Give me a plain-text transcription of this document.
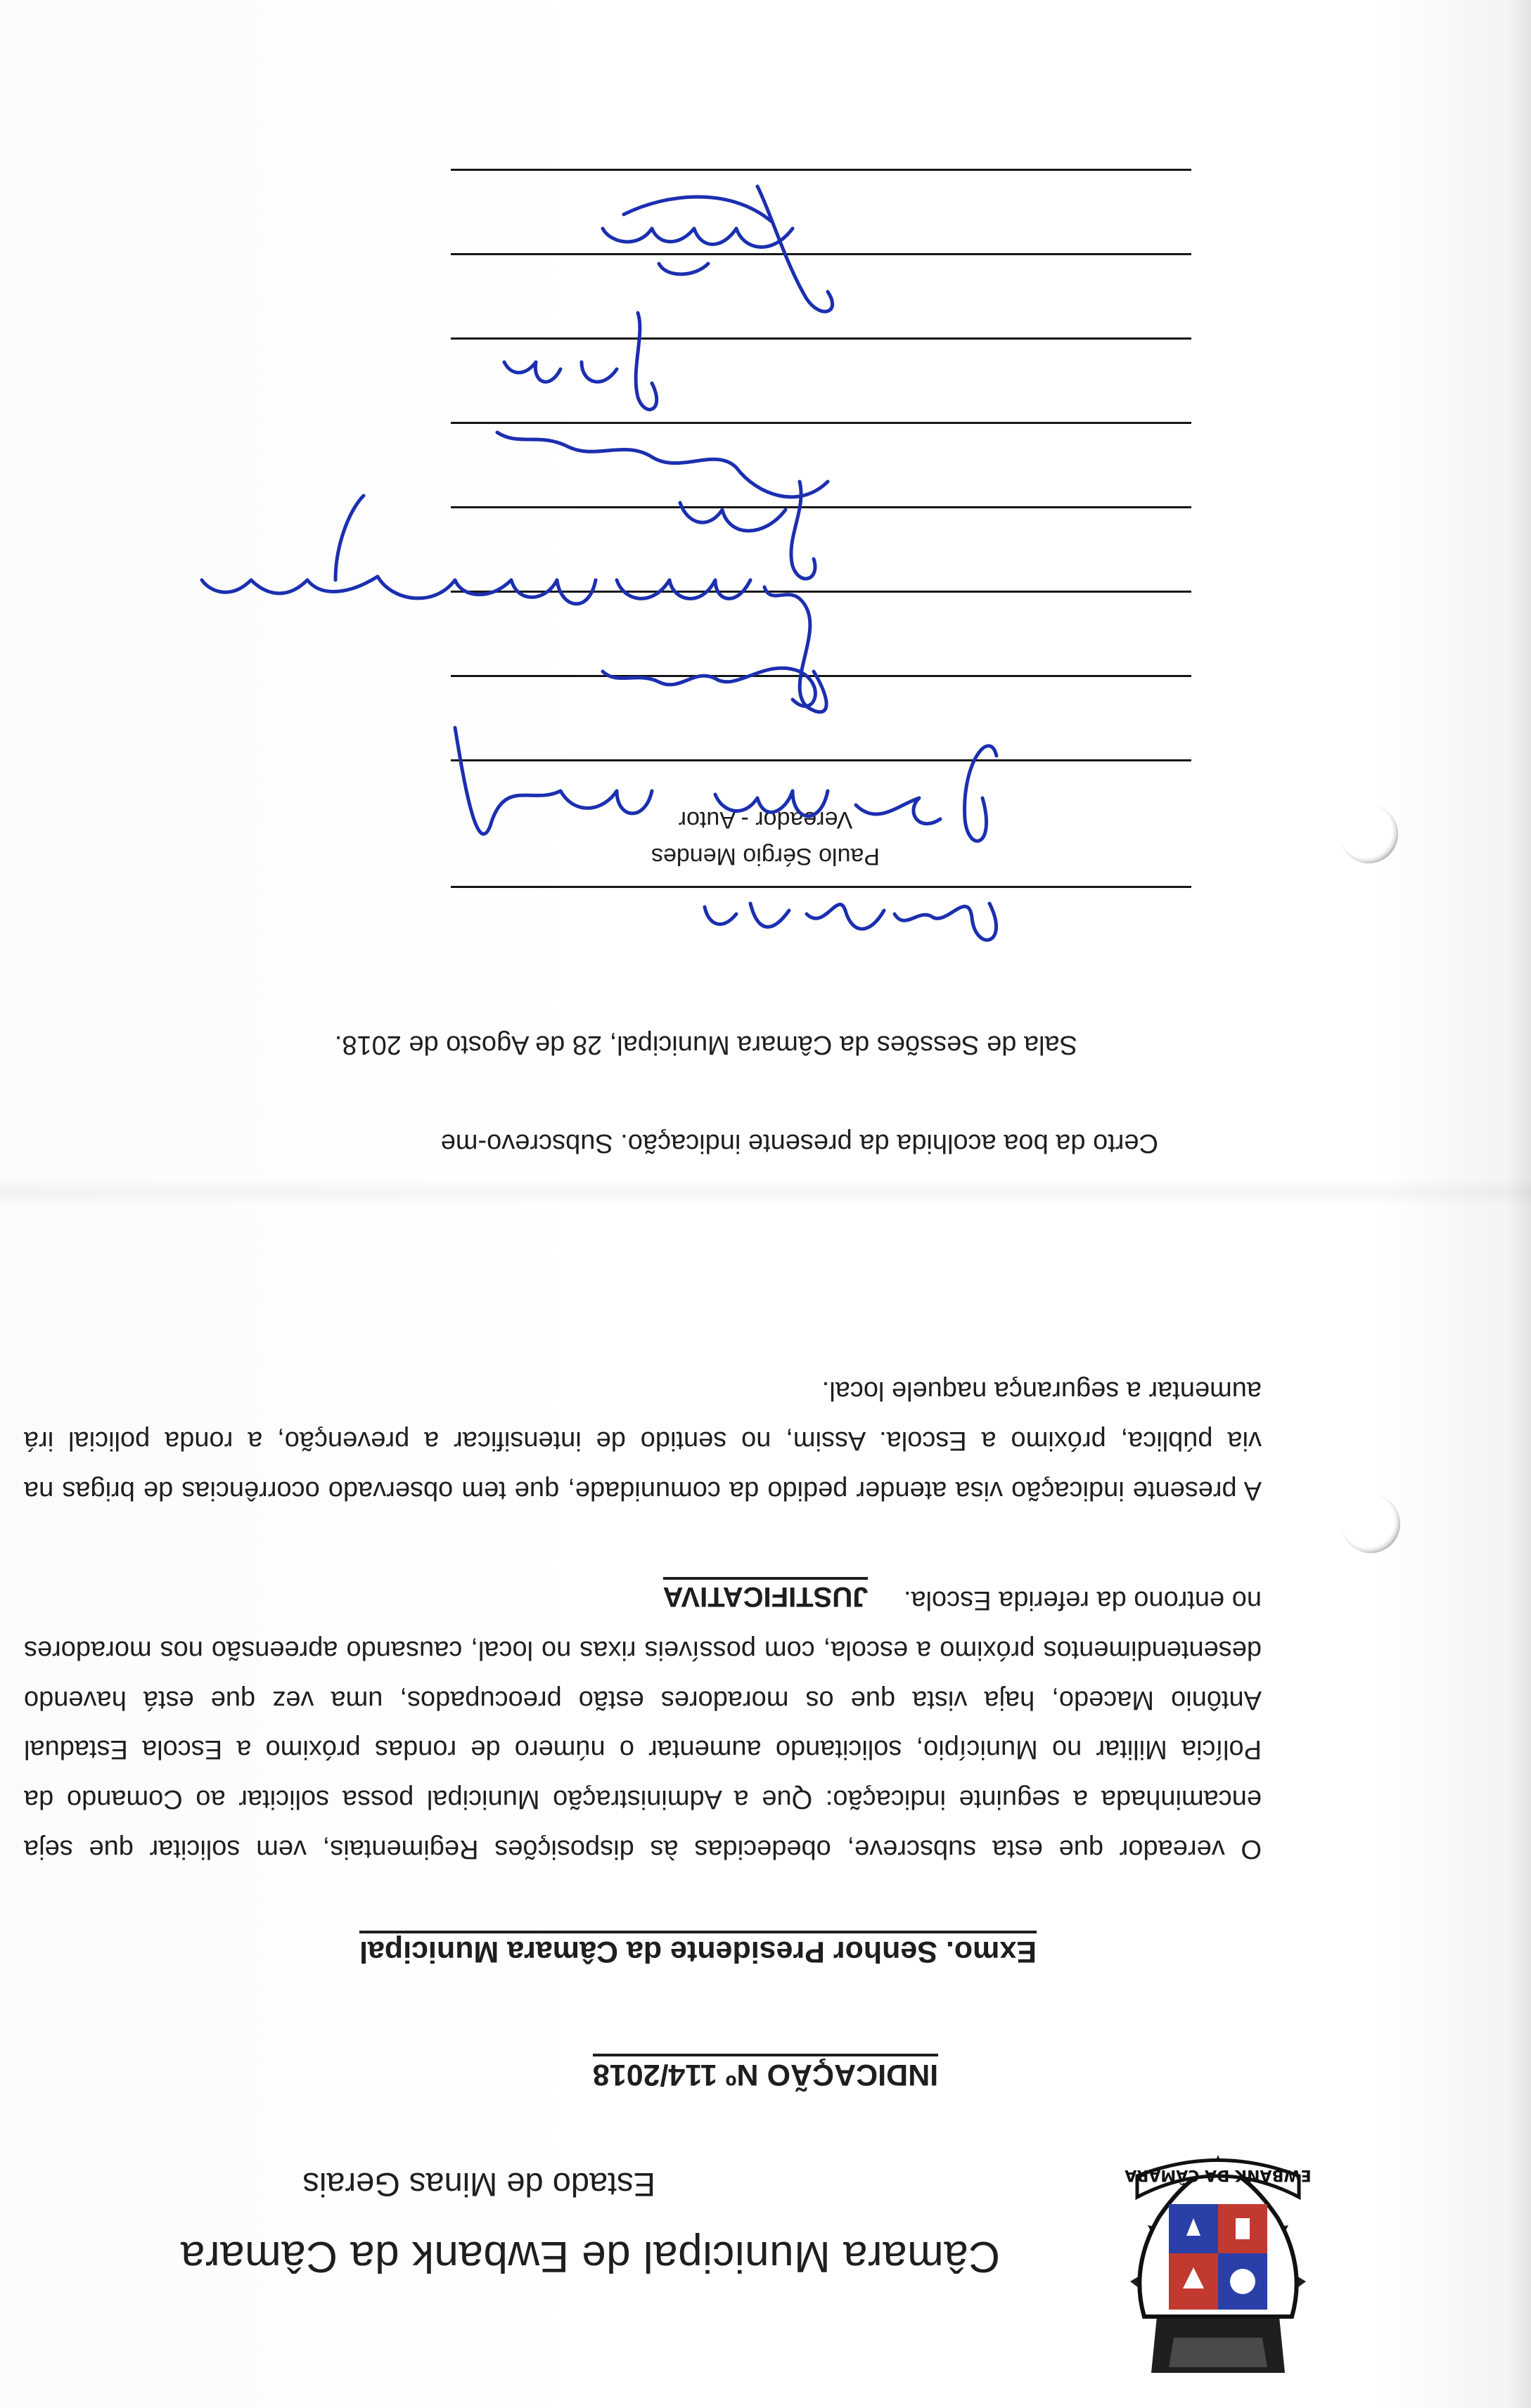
EWBANK DA CÂMARA
Câmara Municipal de Ewbank da Câmara
Estado de Minas Gerais
INDICAÇÃO Nº 114/2018
Exmo. Senhor Presidente da Câmara Municipal

O vereador que esta subscreve, obedecidas às disposições Regimentais, vem solicitar que seja encaminhada a seguinte indicação: Que a Administração Municipal possa solicitar ao Comando da Polícia Militar no Município, solicitando aumentar o número de rondas próximo a Escola Estadual Antônio Macedo, haja vista que os moradores estão preocupados, uma vez que está havendo desentendimentos próximo a escola, com possíveis rixas no local, causando apreensão nos moradores no entrono da referida Escola.

JUSTIFICATIVA

A presente indicação visa atender pedido da comunidade, que tem observado ocorrências de brigas na via pública, próximo a Escola. Assim, no sentido de intensificar a prevenção, a ronda policial irá aumentar a segurança naquele local.

Certo da boa acolhida da presente indicação. Subscrevo-me
Sala de Sessões da Câmara Municipal, 28 de Agosto de 2018.
Paulo Sérgio Mendes
Vereador - Autor
